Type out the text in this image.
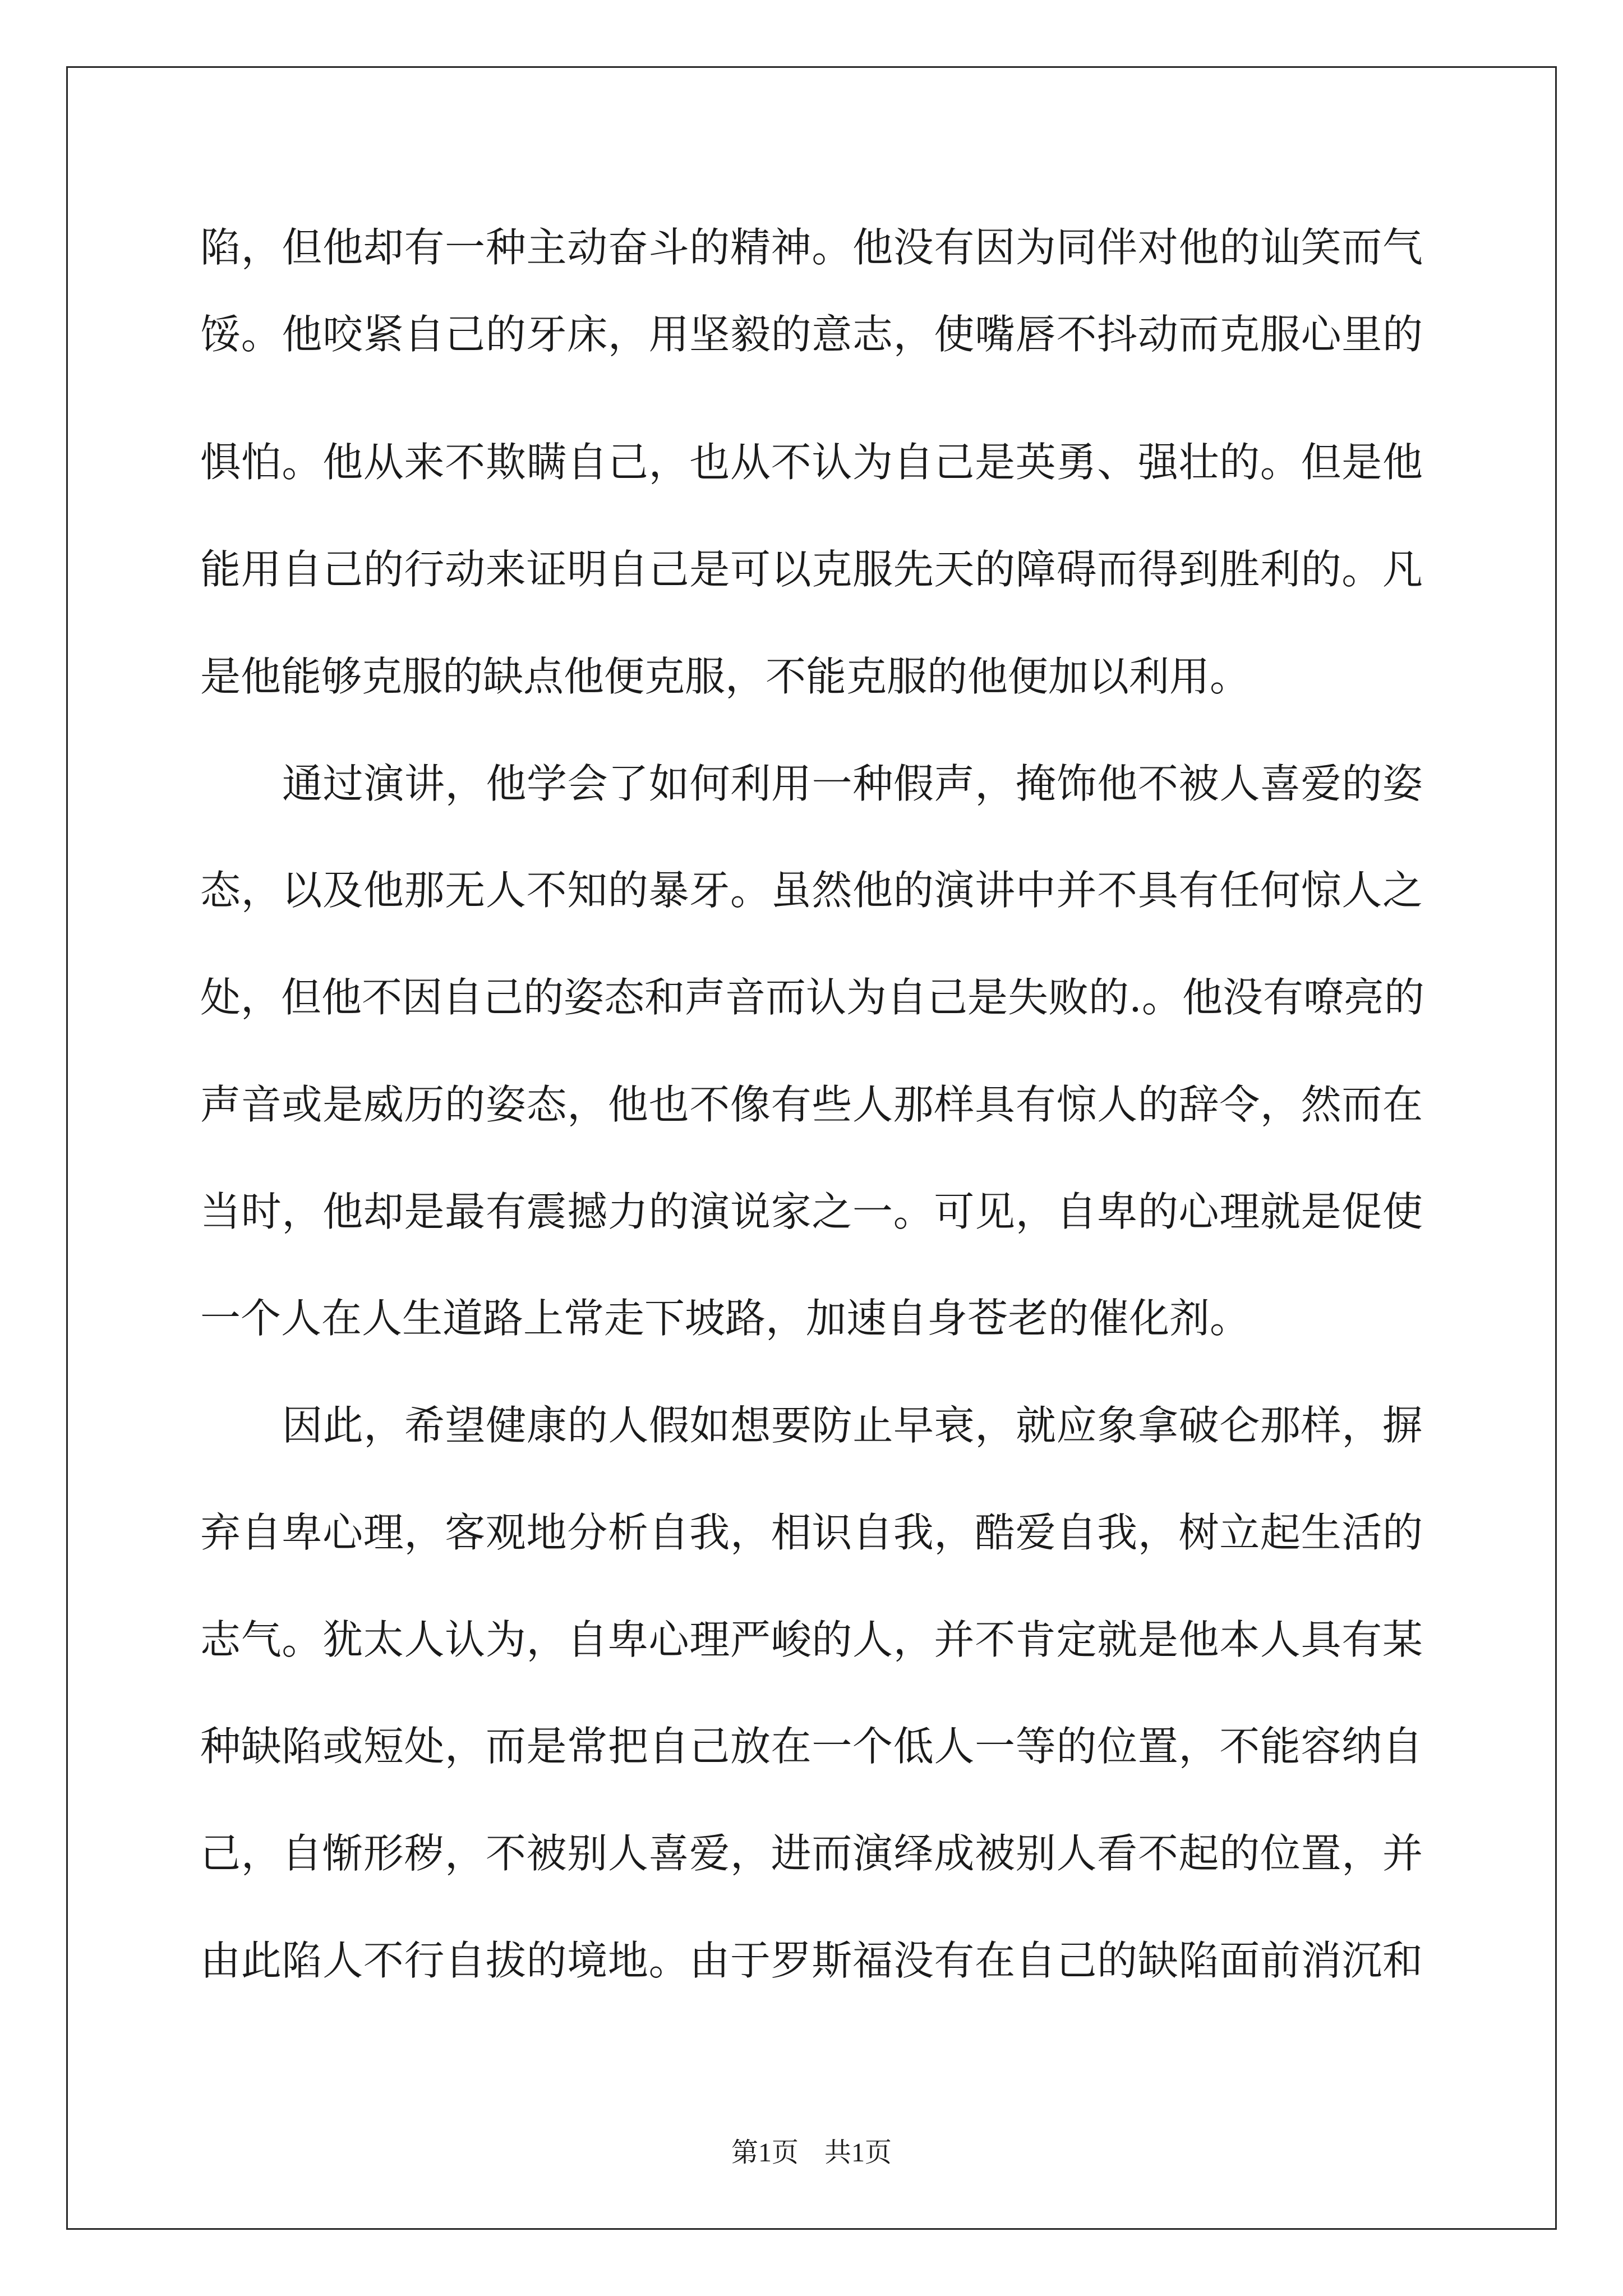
陷，但他却有一种主动奋斗的精神。他没有因为同伴对他的讪笑而气
馁。他咬紧自己的牙床，用坚毅的意志，使嘴唇不抖动而克服心里的
惧怕。他从来不欺瞒自己，也从不认为自己是英勇、强壮的。但是他
能用自己的行动来证明自己是可以克服先天的障碍而得到胜利的。凡
是他能够克服的缺点他便克服，不能克服的他便加以利用。
通过演讲，他学会了如何利用一种假声，掩饰他不被人喜爱的姿
态，以及他那无人不知的暴牙。虽然他的演讲中并不具有任何惊人之
处，但他不因自己的姿态和声音而认为自己是失败的.。他没有嘹亮的
声音或是威历的姿态，他也不像有些人那样具有惊人的辞令，然而在
当时，他却是最有震撼力的演说家之一。可见，自卑的心理就是促使
一个人在人生道路上常走下坡路，加速自身苍老的催化剂。
因此，希望健康的人假如想要防止早衰，就应象拿破仑那样，摒
弃自卑心理，客观地分析自我，相识自我，酷爱自我，树立起生活的
志气。犹太人认为，自卑心理严峻的人，并不肯定就是他本人具有某
种缺陷或短处，而是常把自己放在一个低人一等的位置，不能容纳自
己，自惭形秽，不被别人喜爱，进而演绎成被别人看不起的位置，并
由此陷人不行自拔的境地。由于罗斯福没有在自己的缺陷面前消沉和
第1页 共1页
